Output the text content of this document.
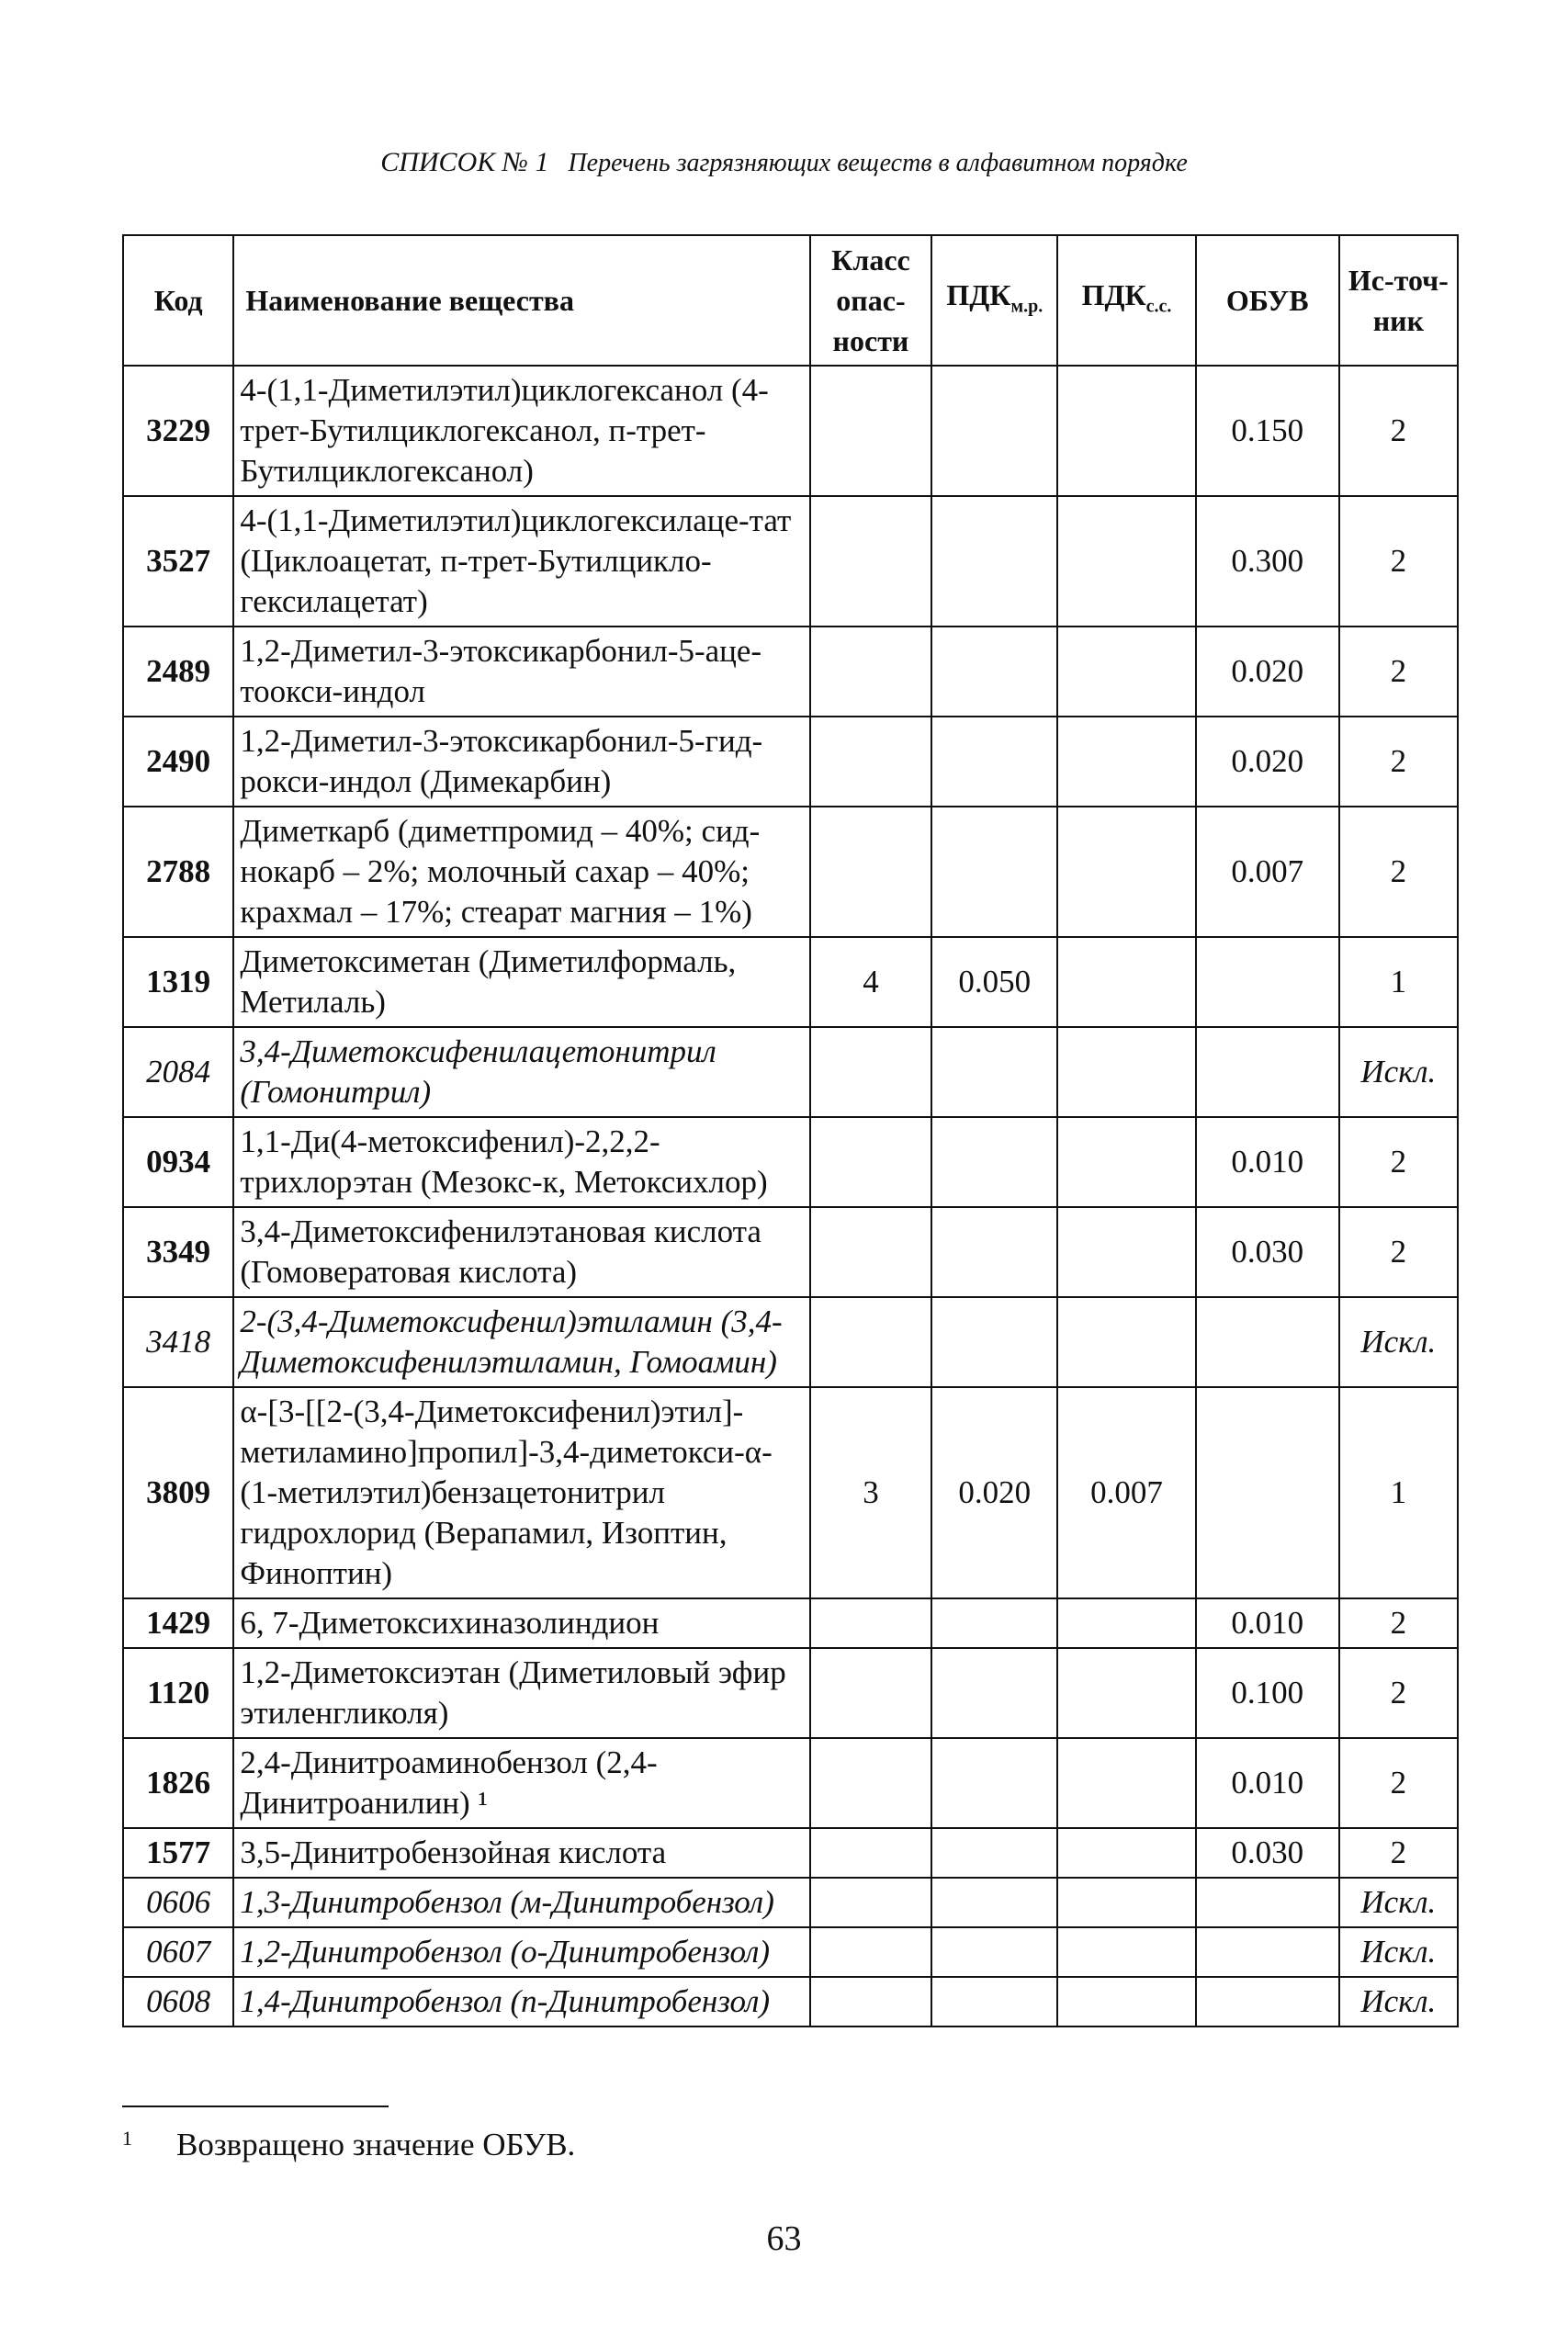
СПИСОК № 1 Перечень загрязняющих веществ в алфавитном порядке
Код	Наименование вещества	Класс опас-ности	$ПДК_{м.р.}$	$ПДК_{с.с.}$	ОБУВ	Ис-точ-ник
3229	4-(1,1-Диметилэтил)циклогексанол (4-трет-Бутилциклогексанол, п-трет-Бутилциклогексанол)				0.150	2
3527	4-(1,1-Диметилэтил)циклогексилаце-тат (Циклоацетат, п-трет-Бутилцикло-гексилацетат)				0.300	2
2489	1,2-Диметил-3-этоксикарбонил-5-аце-тоокси-индол				0.020	2
2490	1,2-Диметил-3-этоксикарбонил-5-гид-рокси-индол (Димекарбин)				0.020	2
2788	Диметкарб (диметпромид – 40%; сид-нокарб – 2%; молочный сахар – 40%; крахмал – 17%; стеарат магния – 1%)				0.007	2
1319	Диметоксиметан (Диметилформаль, Метилаль)	4	0.050			1
2084	3,4-Диметоксифенилацетонитрил (Гомонитрил)					Искл.
0934	1,1-Ди(4-метоксифенил)-2,2,2-трихлорэтан (Мезокс-к, Метоксихлор)				0.010	2
3349	3,4-Диметоксифенилэтановая кислота (Гомовератовая кислота)				0.030	2
3418	2-(3,4-Диметоксифенил)этиламин (3,4-Диметоксифенилэтиламин, Гомоамин)					Искл.
3809	α-[3-[[2-(3,4-Диметоксифенил)этил]-метиламино]пропил]-3,4-диметокси-α-(1-метилэтил)бензацетонитрил гидрохлорид (Верапамил, Изоптин, Финоптин)	3	0.020	0.007		1
1429	6, 7-Диметоксихиназолиндион				0.010	2
1120	1,2-Диметоксиэтан (Диметиловый эфир этиленгликоля)				0.100	2
1826	2,4-Динитроаминобензол (2,4-Динитроанилин) ¹				0.010	2
1577	3,5-Динитробензойная кислота				0.030	2
0606	1,3-Динитробензол (м-Динитробензол)					Искл.
0607	1,2-Динитробензол (о-Динитробензол)					Искл.
0608	1,4-Динитробензол (п-Динитробензол)					Искл.
$^1$ Возвращено значение ОБУВ.
63
